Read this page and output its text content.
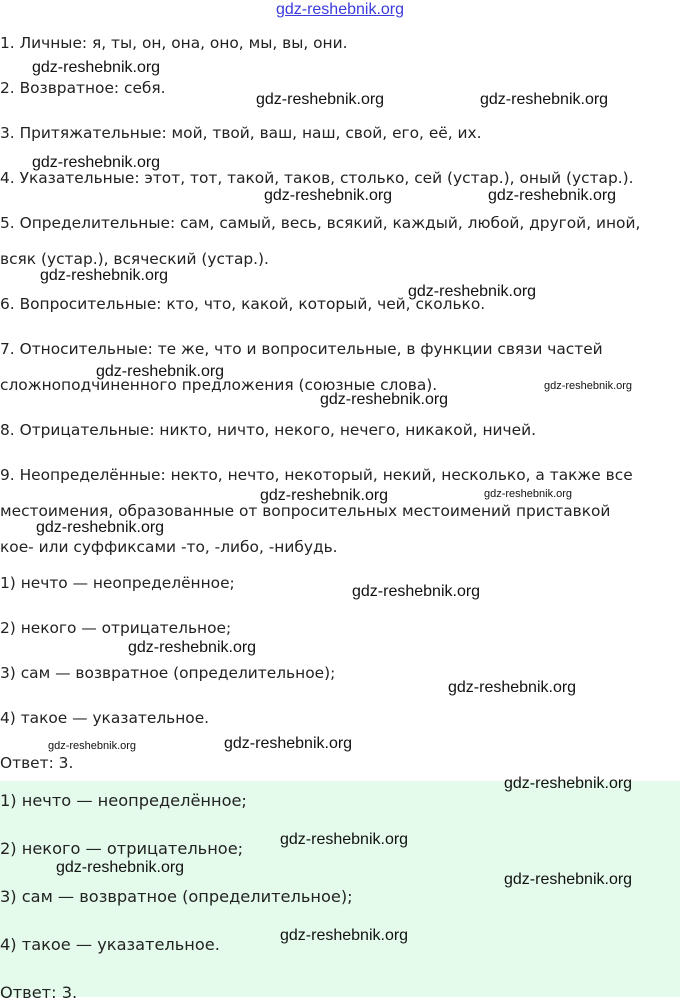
gdz-reshebnik.org
1. Личные: я, ты, он, она, оно, мы, вы, они.
2. Возвратное: себя.
3. Притяжательные: мой, твой, ваш, наш, свой, его, её, их.
4. Указательные: этот, тот, такой, таков, столько, сей (устар.), оный (устар.).
5. Определительные: сам, самый, весь, всякий, каждый, любой, другой, иной,
всяк (устар.), всяческий (устар.).
6. Вопросительные: кто, что, какой, который, чей, сколько.
7. Относительные: те же, что и вопросительные, в функции связи частей
сложноподчиненного предложения (союзные слова).
8. Отрицательные: никто, ничто, некого, нечего, никакой, ничей.
9. Неопределённые: некто, нечто, некоторый, некий, несколько, а также все
местоимения, образованные от вопросительных местоимений приставкой
кое- или суффиксами -то, -либо, -нибудь.
1) нечто — неопределённое;
2) некого — отрицательное;
3) сам — возвратное (определительное);
4) такое — указательное.
Ответ: 3.
1) нечто — неопределённое;
2) некого — отрицательное;
3) сам — возвратное (определительное);
4) такое — указательное.
Ответ: 3.
gdz-reshebnik.org
gdz-reshebnik.org	gdz-reshebnik.org
gdz-reshebnik.org
gdz-reshebnik.org	gdz-reshebnik.org
gdz-reshebnik.org
gdz-reshebnik.org
gdz-reshebnik.org
gdz-reshebnik.org
gdz-reshebnik.org
gdz-reshebnik.org	gdz-reshebnik.org
gdz-reshebnik.org
gdz-reshebnik.org
gdz-reshebnik.org
gdz-reshebnik.org
gdz-reshebnik.org	gdz-reshebnik.org
gdz-reshebnik.org
gdz-reshebnik.org
gdz-reshebnik.org
gdz-reshebnik.org
gdz-reshebnik.org
